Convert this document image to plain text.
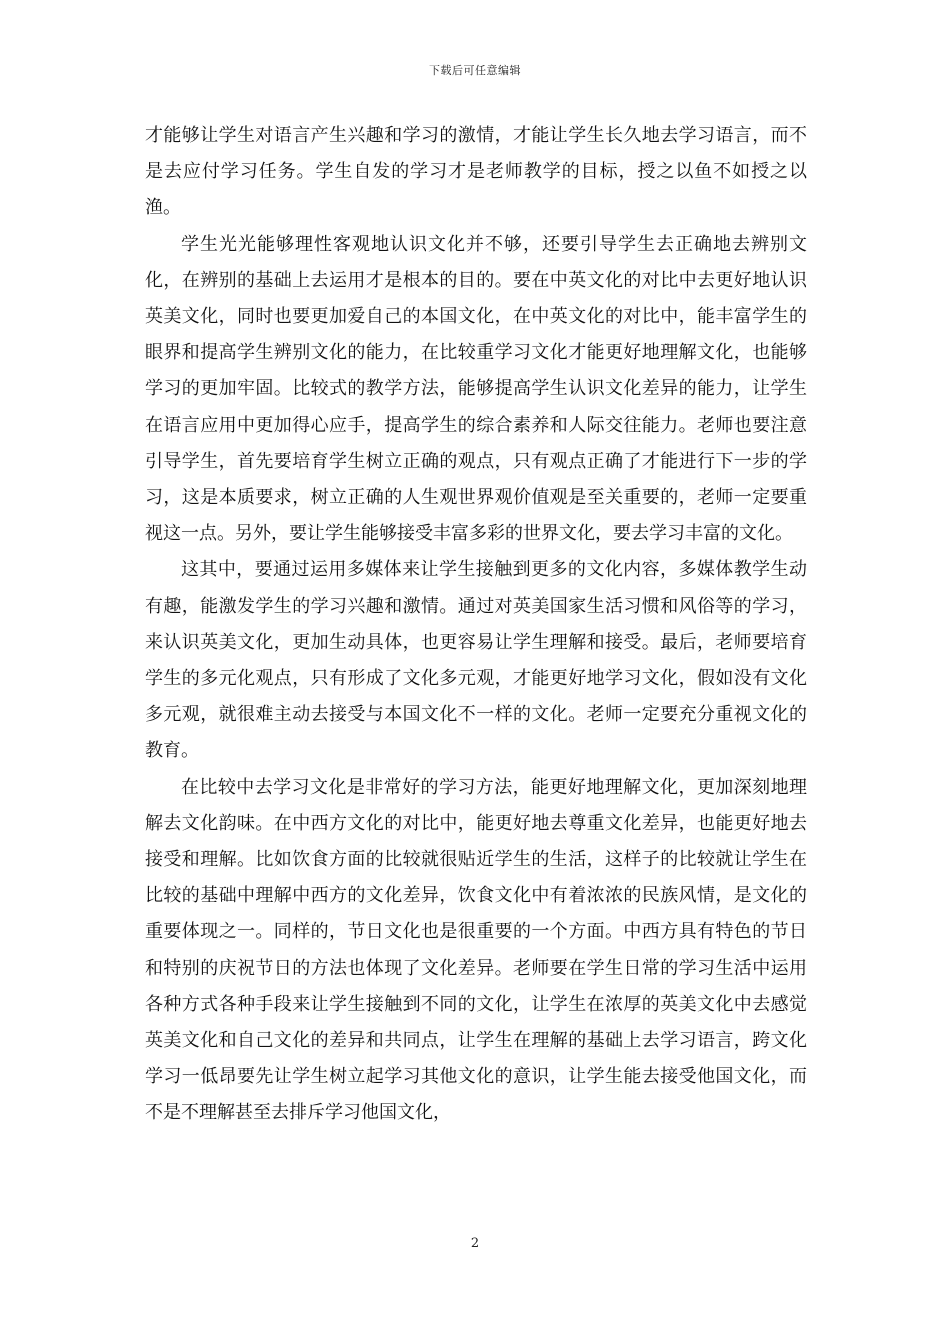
下载后可任意编辑

才能够让学生对语言产生兴趣和学习的激情，才能让学生长久地去学习语言，而不是去应付学习任务。学生自发的学习才是老师教学的目标，授之以鱼不如授之以渔。

学生光光能够理性客观地认识文化并不够，还要引导学生去正确地去辨别文化，在辨别的基础上去运用才是根本的目的。要在中英文化的对比中去更好地认识英美文化，同时也要更加爱自己的本国文化，在中英文化的对比中，能丰富学生的眼界和提高学生辨别文化的能力，在比较重学习文化才能更好地理解文化，也能够学习的更加牢固。比较式的教学方法，能够提高学生认识文化差异的能力，让学生在语言应用中更加得心应手，提高学生的综合素养和人际交往能力。老师也要注意引导学生，首先要培育学生树立正确的观点，只有观点正确了才能进行下一步的学习，这是本质要求，树立正确的人生观世界观价值观是至关重要的，老师一定要重视这一点。另外，要让学生能够接受丰富多彩的世界文化，要去学习丰富的文化。

这其中，要通过运用多媒体来让学生接触到更多的文化内容，多媒体教学生动有趣，能激发学生的学习兴趣和激情。通过对英美国家生活习惯和风俗等的学习，来认识英美文化，更加生动具体，也更容易让学生理解和接受。最后，老师要培育学生的多元化观点，只有形成了文化多元观，才能更好地学习文化，假如没有文化多元观，就很难主动去接受与本国文化不一样的文化。老师一定要充分重视文化的教育。

在比较中去学习文化是非常好的学习方法，能更好地理解文化，更加深刻地理解去文化韵味。在中西方文化的对比中，能更好地去尊重文化差异，也能更好地去接受和理解。比如饮食方面的比较就很贴近学生的生活，这样子的比较就让学生在比较的基础中理解中西方的文化差异，饮食文化中有着浓浓的民族风情，是文化的重要体现之一。同样的，节日文化也是很重要的一个方面。中西方具有特色的节日和特别的庆祝节日的方法也体现了文化差异。老师要在学生日常的学习生活中运用各种方式各种手段来让学生接触到不同的文化，让学生在浓厚的英美文化中去感觉英美文化和自己文化的差异和共同点，让学生在理解的基础上去学习语言，跨文化学习一低昂要先让学生树立起学习其他文化的意识，让学生能去接受他国文化，而不是不理解甚至去排斥学习他国文化，

2
